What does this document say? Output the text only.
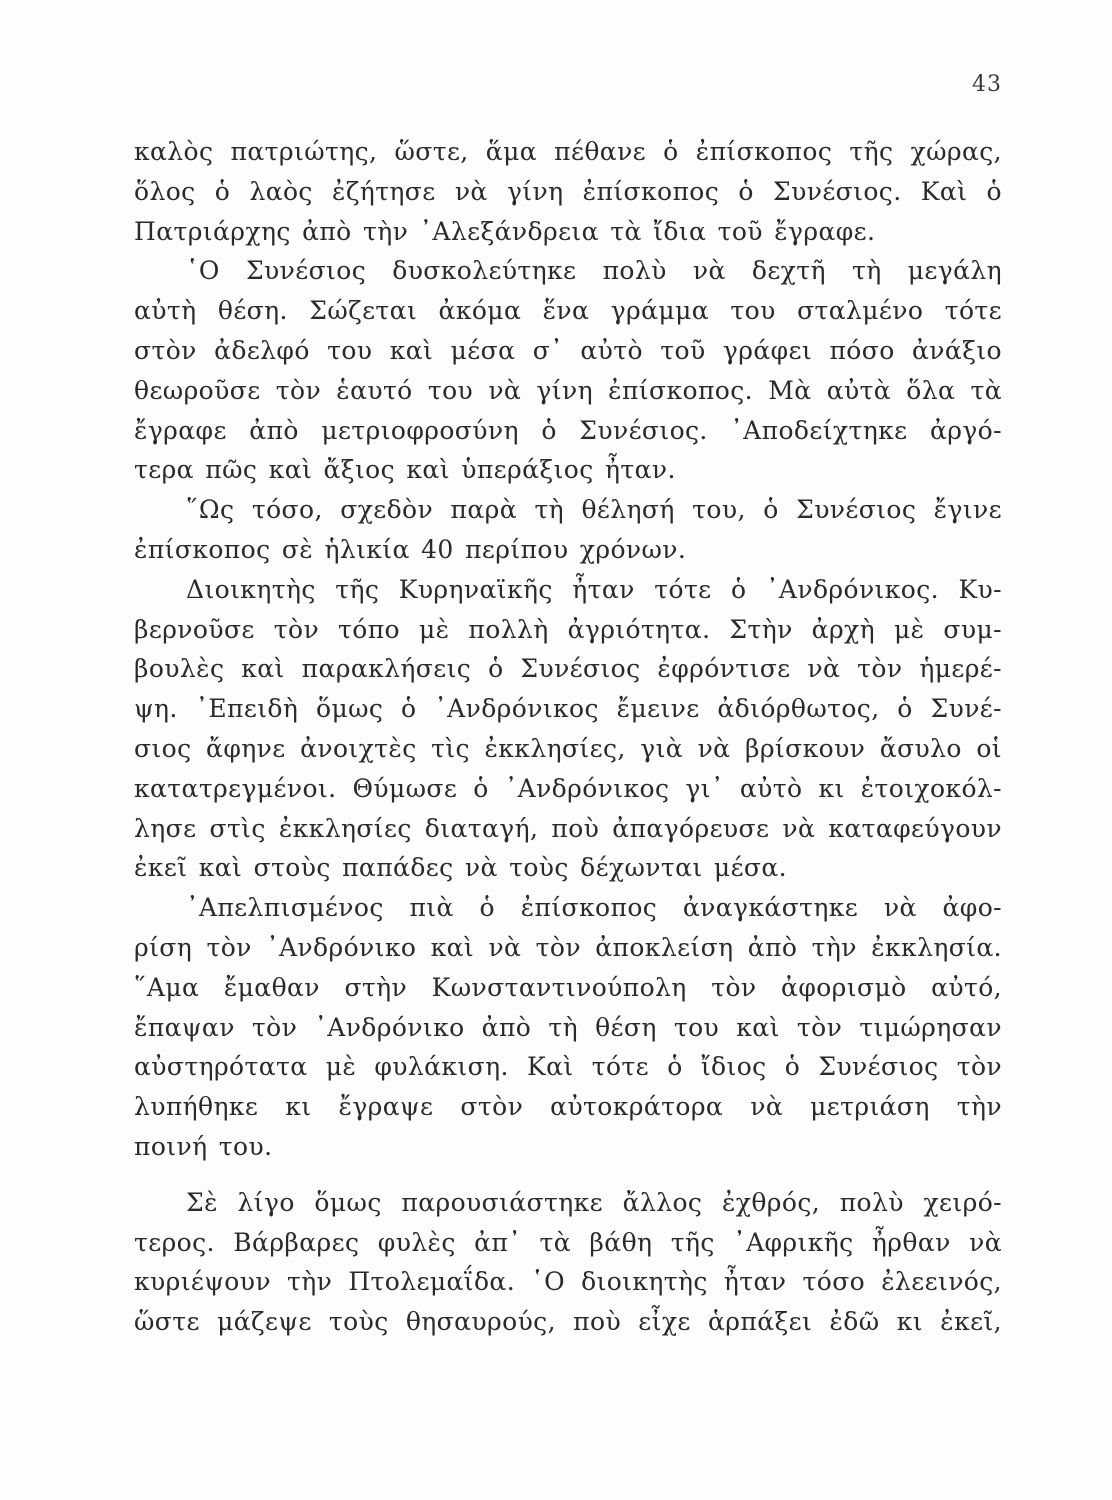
43
καλὸς πατριώτης, ὥστε, ἅμα πέθανε ὁ ἐπίσκοπος τῆς χώρας,
ὅλος ὁ λαὸς ἐζήτησε νὰ γίνη ἐπίσκοπος ὁ Συνέσιος. Καὶ ὁ
Πατριάρχης ἀπὸ τὴν ᾿Αλεξάνδρεια τὰ ἴδια τοῦ ἔγραφε.
῾Ο Συνέσιος δυσκολεύτηκε πολὺ νὰ δεχτῆ τὴ μεγάλη
αὐτὴ θέση. Σώζεται ἀκόμα ἕνα γράμμα του σταλμένο τότε
στὸν ἀδελφό του καὶ μέσα σ᾿ αὐτὸ τοῦ γράφει πόσο ἀνάξιο
θεωροῦσε τὸν ἑαυτό του νὰ γίνη ἐπίσκοπος. Μὰ αὐτὰ ὅλα τὰ
ἔγραφε ἀπὸ μετριοφροσύνη ὁ Συνέσιος. ᾿Αποδείχτηκε ἀργό-
τερα πῶς καὶ ἄξιος καὶ ὑπεράξιος ἦταν.
῞Ως τόσο, σχεδὸν παρὰ τὴ θέλησή του, ὁ Συνέσιος ἔγινε
ἐπίσκοπος σὲ ἡλικία 40 περίπου χρόνων.
Διοικητὴς τῆς Κυρηναϊκῆς ἦταν τότε ὁ ᾿Ανδρόνικος. Κυ-
βερνοῦσε τὸν τόπο μὲ πολλὴ ἀγριότητα. Στὴν ἀρχὴ μὲ συμ-
βουλὲς καὶ παρακλήσεις ὁ Συνέσιος ἐφρόντισε νὰ τὸν ἡμερέ-
ψη. ᾿Επειδὴ ὅμως ὁ ᾿Ανδρόνικος ἔμεινε ἀδιόρθωτος, ὁ Συνέ-
σιος ἄφηνε ἀνοιχτὲς τὶς ἐκκλησίες, γιὰ νὰ βρίσκουν ἄσυλο οἱ
κατατρεγμένοι. Θύμωσε ὁ ᾿Ανδρόνικος γι᾿ αὐτὸ κι ἐτοιχοκόλ-
λησε στὶς ἐκκλησίες διαταγή, ποὺ ἀπαγόρευσε νὰ καταφεύγουν
ἐκεῖ καὶ στοὺς παπάδες νὰ τοὺς δέχωνται μέσα.
᾿Απελπισμένος πιὰ ὁ ἐπίσκοπος ἀναγκάστηκε νὰ ἀφο-
ρίση τὸν ᾿Ανδρόνικο καὶ νὰ τὸν ἀποκλείση ἀπὸ τὴν ἐκκλησία.
῞Αμα ἔμαθαν στὴν Κωνσταντινούπολη τὸν ἀφορισμὸ αὐτό,
ἔπαψαν τὸν ᾿Ανδρόνικο ἀπὸ τὴ θέση του καὶ τὸν τιμώρησαν
αὐστηρότατα μὲ φυλάκιση. Καὶ τότε ὁ ἴδιος ὁ Συνέσιος τὸν
λυπήθηκε κι ἔγραψε στὸν αὐτοκράτορα νὰ μετριάση τὴν
ποινή του.
Σὲ λίγο ὅμως παρουσιάστηκε ἄλλος ἐχθρός, πολὺ χειρό-
τερος. Βάρβαρες φυλὲς ἀπ᾿ τὰ βάθη τῆς ᾿Αφρικῆς ἦρθαν νὰ
κυριέψουν τὴν Πτολεμαΐδα. ῾Ο διοικητὴς ἦταν τόσο ἐλεεινός,
ὥστε μάζεψε τοὺς θησαυρούς, ποὺ εἶχε ἁρπάξει ἐδῶ κι ἐκεῖ,
